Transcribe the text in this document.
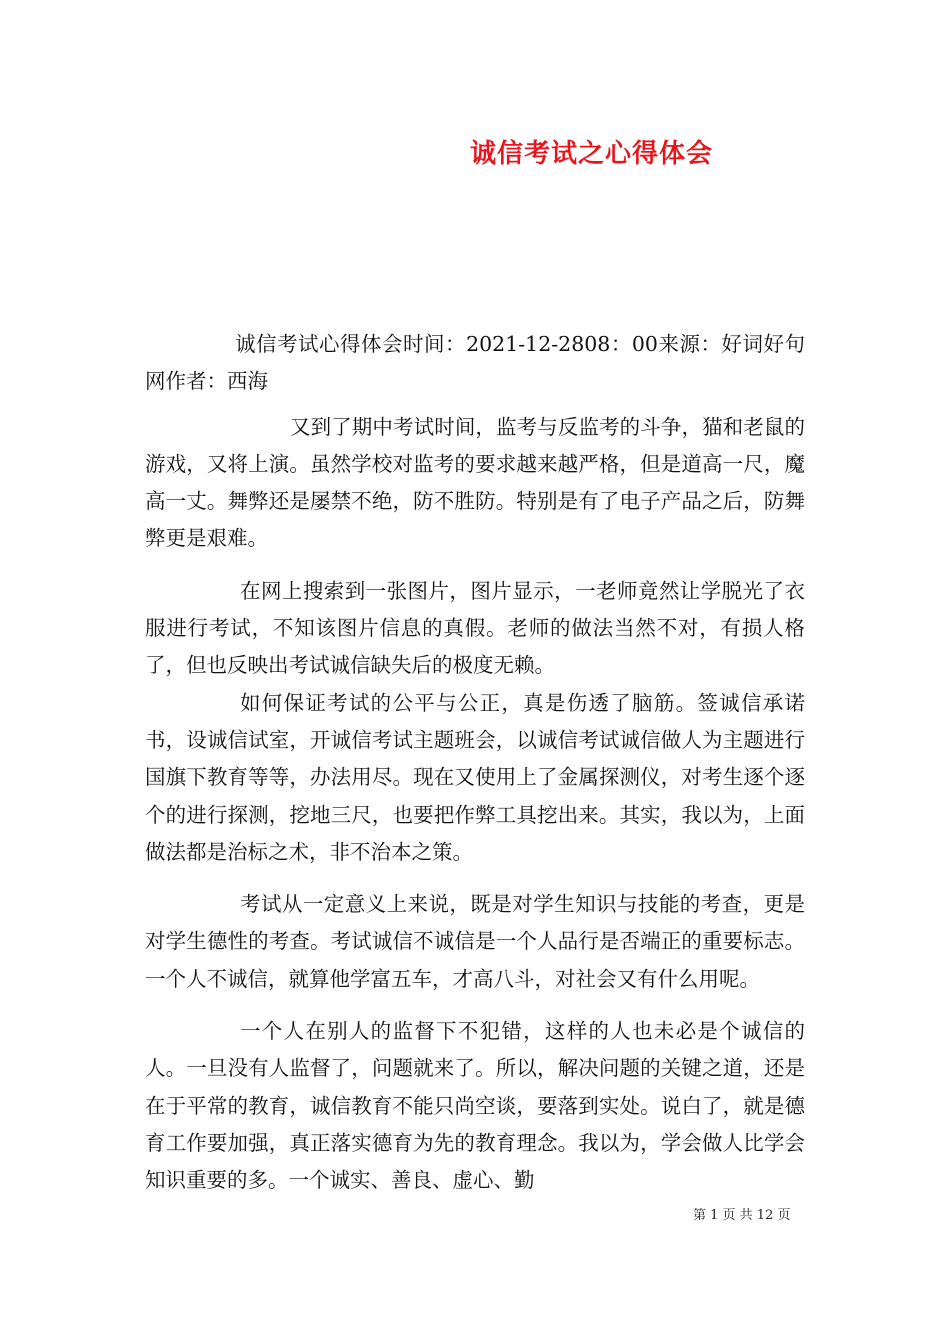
诚信考试之心得体会

诚信考试心得体会时间：2021-12-2808：00来源：好词好句网作者：西海

又到了期中考试时间，监考与反监考的斗争，猫和老鼠的游戏，又将上演。虽然学校对监考的要求越来越严格，但是道高一尺，魔高一丈。舞弊还是屡禁不绝，防不胜防。特别是有了电子产品之后，防舞弊更是艰难。

在网上搜索到一张图片，图片显示，一老师竟然让学脱光了衣服进行考试，不知该图片信息的真假。老师的做法当然不对，有损人格了，但也反映出考试诚信缺失后的极度无赖。

如何保证考试的公平与公正，真是伤透了脑筋。签诚信承诺书，设诚信试室，开诚信考试主题班会，以诚信考试诚信做人为主题进行国旗下教育等等，办法用尽。现在又使用上了金属探测仪，对考生逐个逐个的进行探测，挖地三尺，也要把作弊工具挖出来。其实，我以为，上面做法都是治标之术，非不治本之策。

考试从一定意义上来说，既是对学生知识与技能的考查，更是对学生德性的考查。考试诚信不诚信是一个人品行是否端正的重要标志。一个人不诚信，就算他学富五车，才高八斗，对社会又有什么用呢。

一个人在别人的监督下不犯错，这样的人也未必是个诚信的人。一旦没有人监督了，问题就来了。所以，解决问题的关键之道，还是在于平常的教育，诚信教育不能只尚空谈，要落到实处。说白了，就是德育工作要加强，真正落实德育为先的教育理念。我以为，学会做人比学会知识重要的多。一个诚实、善良、虚心、勤

第 1 页 共 12 页
